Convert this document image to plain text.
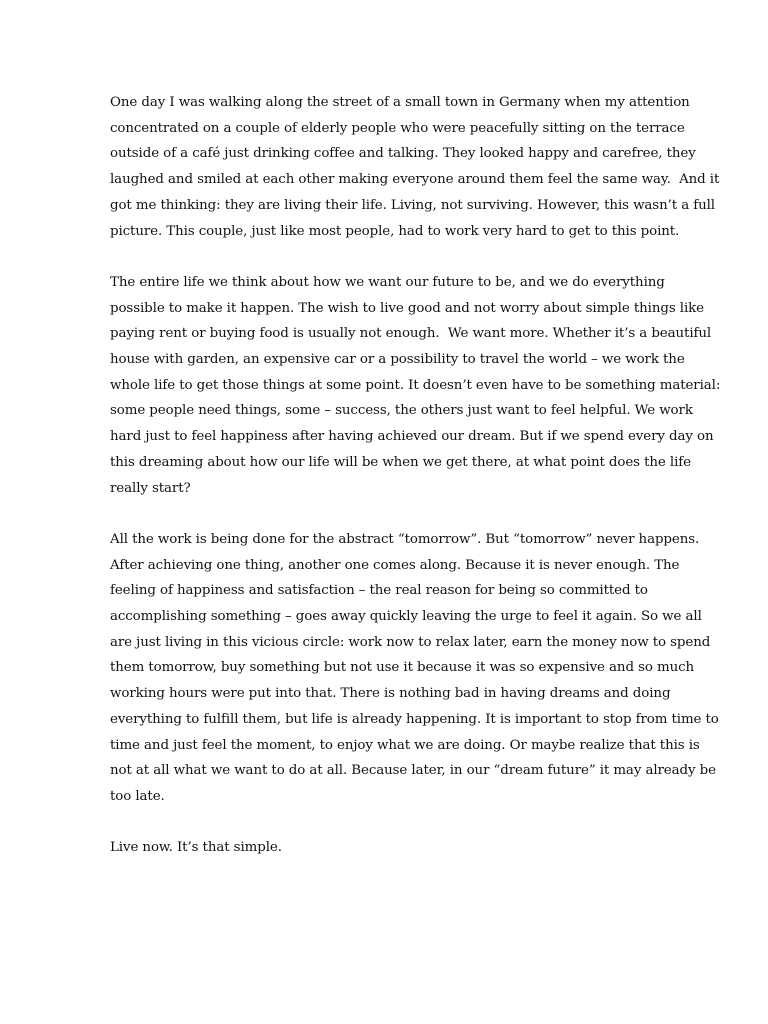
One day I was walking along the street of a small town in Germany when my attention concentrated on a couple of elderly people who were peacefully sitting on the terrace outside of a café just drinking coffee and talking. They looked happy and carefree, they laughed and smiled at each other making everyone around them feel the same way.  And it got me thinking: they are living their life. Living, not surviving. However, this wasn’t a full picture. This couple, just like most people, had to work very hard to get to this point.

The entire life we think about how we want our future to be, and we do everything possible to make it happen. The wish to live good and not worry about simple things like paying rent or buying food is usually not enough.  We want more. Whether it’s a beautiful house with garden, an expensive car or a possibility to travel the world – we work the whole life to get those things at some point. It doesn’t even have to be something material: some people need things, some – success, the others just want to feel helpful. We work hard just to feel happiness after having achieved our dream. But if we spend every day on this dreaming about how our life will be when we get there, at what point does the life really start?

All the work is being done for the abstract “tomorrow”. But “tomorrow” never happens. After achieving one thing, another one comes along. Because it is never enough. The feeling of happiness and satisfaction – the real reason for being so committed to accomplishing something – goes away quickly leaving the urge to feel it again. So we all are just living in this vicious circle: work now to relax later, earn the money now to spend them tomorrow, buy something but not use it because it was so expensive and so much working hours were put into that. There is nothing bad in having dreams and doing everything to fulfill them, but life is already happening. It is important to stop from time to time and just feel the moment, to enjoy what we are doing. Or maybe realize that this is not at all what we want to do at all. Because later, in our “dream future” it may already be too late.

Live now. It’s that simple.
